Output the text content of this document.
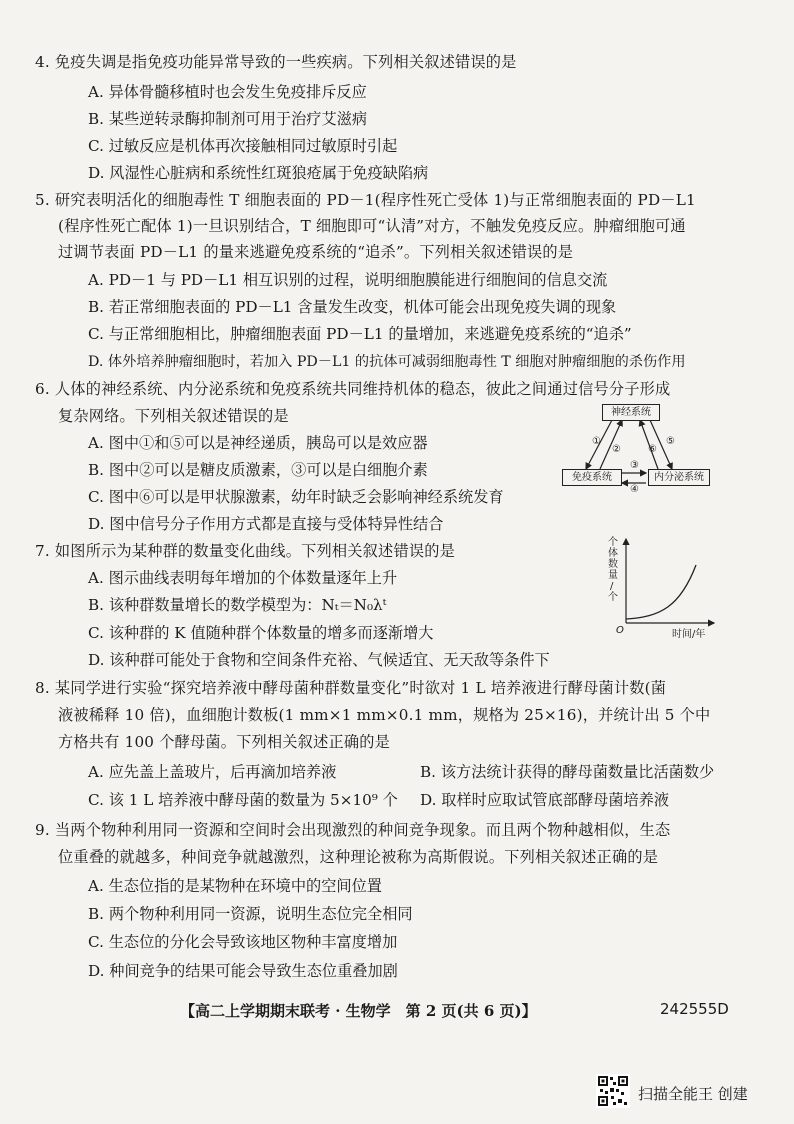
4. 免疫失调是指免疫功能异常导致的一些疾病。下列相关叙述错误的是
A. 异体骨髓移植时也会发生免疫排斥反应
B. 某些逆转录酶抑制剂可用于治疗艾滋病
C. 过敏反应是机体再次接触相同过敏原时引起
D. 风湿性心脏病和系统性红斑狼疮属于免疫缺陷病
5. 研究表明活化的细胞毒性 T 细胞表面的 PD－1(程序性死亡受体 1)与正常细胞表面的 PD－L1
(程序性死亡配体 1)一旦识别结合，T 细胞即可“认清”对方，不触发免疫反应。肿瘤细胞可通
过调节表面 PD－L1 的量来逃避免疫系统的“追杀”。下列相关叙述错误的是
A. PD－1 与 PD－L1 相互识别的过程，说明细胞膜能进行细胞间的信息交流
B. 若正常细胞表面的 PD－L1 含量发生改变，机体可能会出现免疫失调的现象
C. 与正常细胞相比，肿瘤细胞表面 PD－L1 的量增加，来逃避免疫系统的“追杀”
D. 体外培养肿瘤细胞时，若加入 PD－L1 的抗体可减弱细胞毒性 T 细胞对肿瘤细胞的杀伤作用
6. 人体的神经系统、内分泌系统和免疫系统共同维持机体的稳态，彼此之间通过信号分子形成
复杂网络。下列相关叙述错误的是
A. 图中①和⑤可以是神经递质，胰岛可以是效应器
B. 图中②可以是糖皮质激素，③可以是白细胞介素
C. 图中⑥可以是甲状腺激素，幼年时缺乏会影响神经系统发育
D. 图中信号分子作用方式都是直接与受体特异性结合
神经系统
免疫系统	内分泌系统
①
②
③
④
⑤
⑥
7. 如图所示为某种群的数量变化曲线。下列相关叙述错误的是
A. 图示曲线表明每年增加的个体数量逐年上升
B. 该种群数量增长的数学模型为：Nₜ＝N₀λᵗ
C. 该种群的 K 值随种群个体数量的增多而逐渐增大
D. 该种群可能处于食物和空间条件充裕、气候适宜、无天敌等条件下
个
体
数
量
/
个
O	时间/年
8. 某同学进行实验“探究培养液中酵母菌种群数量变化”时欲对 1 L 培养液进行酵母菌计数(菌
液被稀释 10 倍)，血细胞计数板(1 mm×1 mm×0.1 mm，规格为 25×16)，并统计出 5 个中
方格共有 100 个酵母菌。下列相关叙述正确的是
A. 应先盖上盖玻片，后再滴加培养液	B. 该方法统计获得的酵母菌数量比活菌数少
C. 该 1 L 培养液中酵母菌的数量为 5×10⁹ 个 D. 取样时应取试管底部酵母菌培养液
9. 当两个物种利用同一资源和空间时会出现激烈的种间竞争现象。而且两个物种越相似，生态
位重叠的就越多，种间竞争就越激烈，这种理论被称为高斯假说。下列相关叙述正确的是
A. 生态位指的是某物种在环境中的空间位置
B. 两个物种利用同一资源，说明生态位完全相同
C. 生态位的分化会导致该地区物种丰富度增加
D. 种间竞争的结果可能会导致生态位重叠加剧
【高二上学期期末联考 · 生物学　第 2 页(共 6 页)】	242555D
扫描全能王 创建
